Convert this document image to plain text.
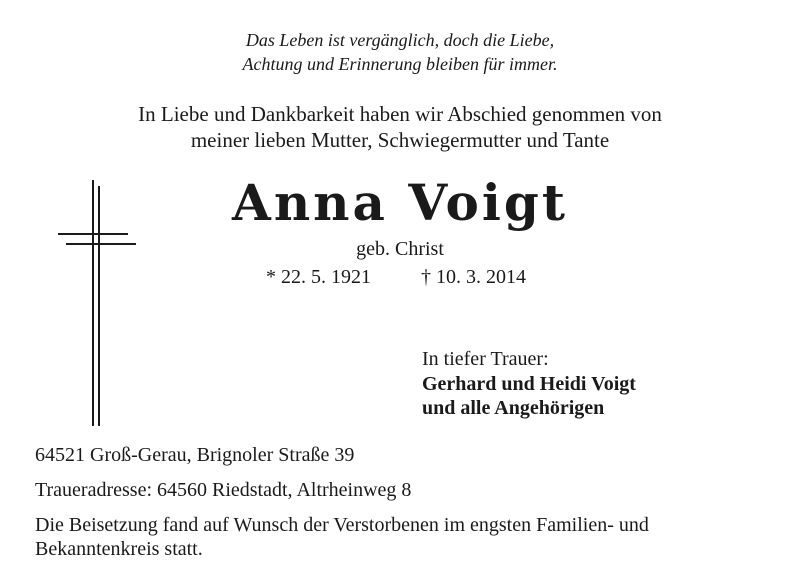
Das Leben ist vergänglich, doch die Liebe,
Achtung und Erinnerung bleiben für immer.
In Liebe und Dankbarkeit haben wir Abschied genommen von
meiner lieben Mutter, Schwiegermutter und Tante
Anna Voigt
geb. Christ
* 22. 5. 1921	† 10. 3. 2014
In tiefer Trauer:
Gerhard und Heidi Voigt
und alle Angehörigen
64521 Groß-Gerau, Brignoler Straße 39
Traueradresse: 64560 Riedstadt, Altrheinweg 8
Die Beisetzung fand auf Wunsch der Verstorbenen im engsten Familien- und
Bekanntenkreis statt.
